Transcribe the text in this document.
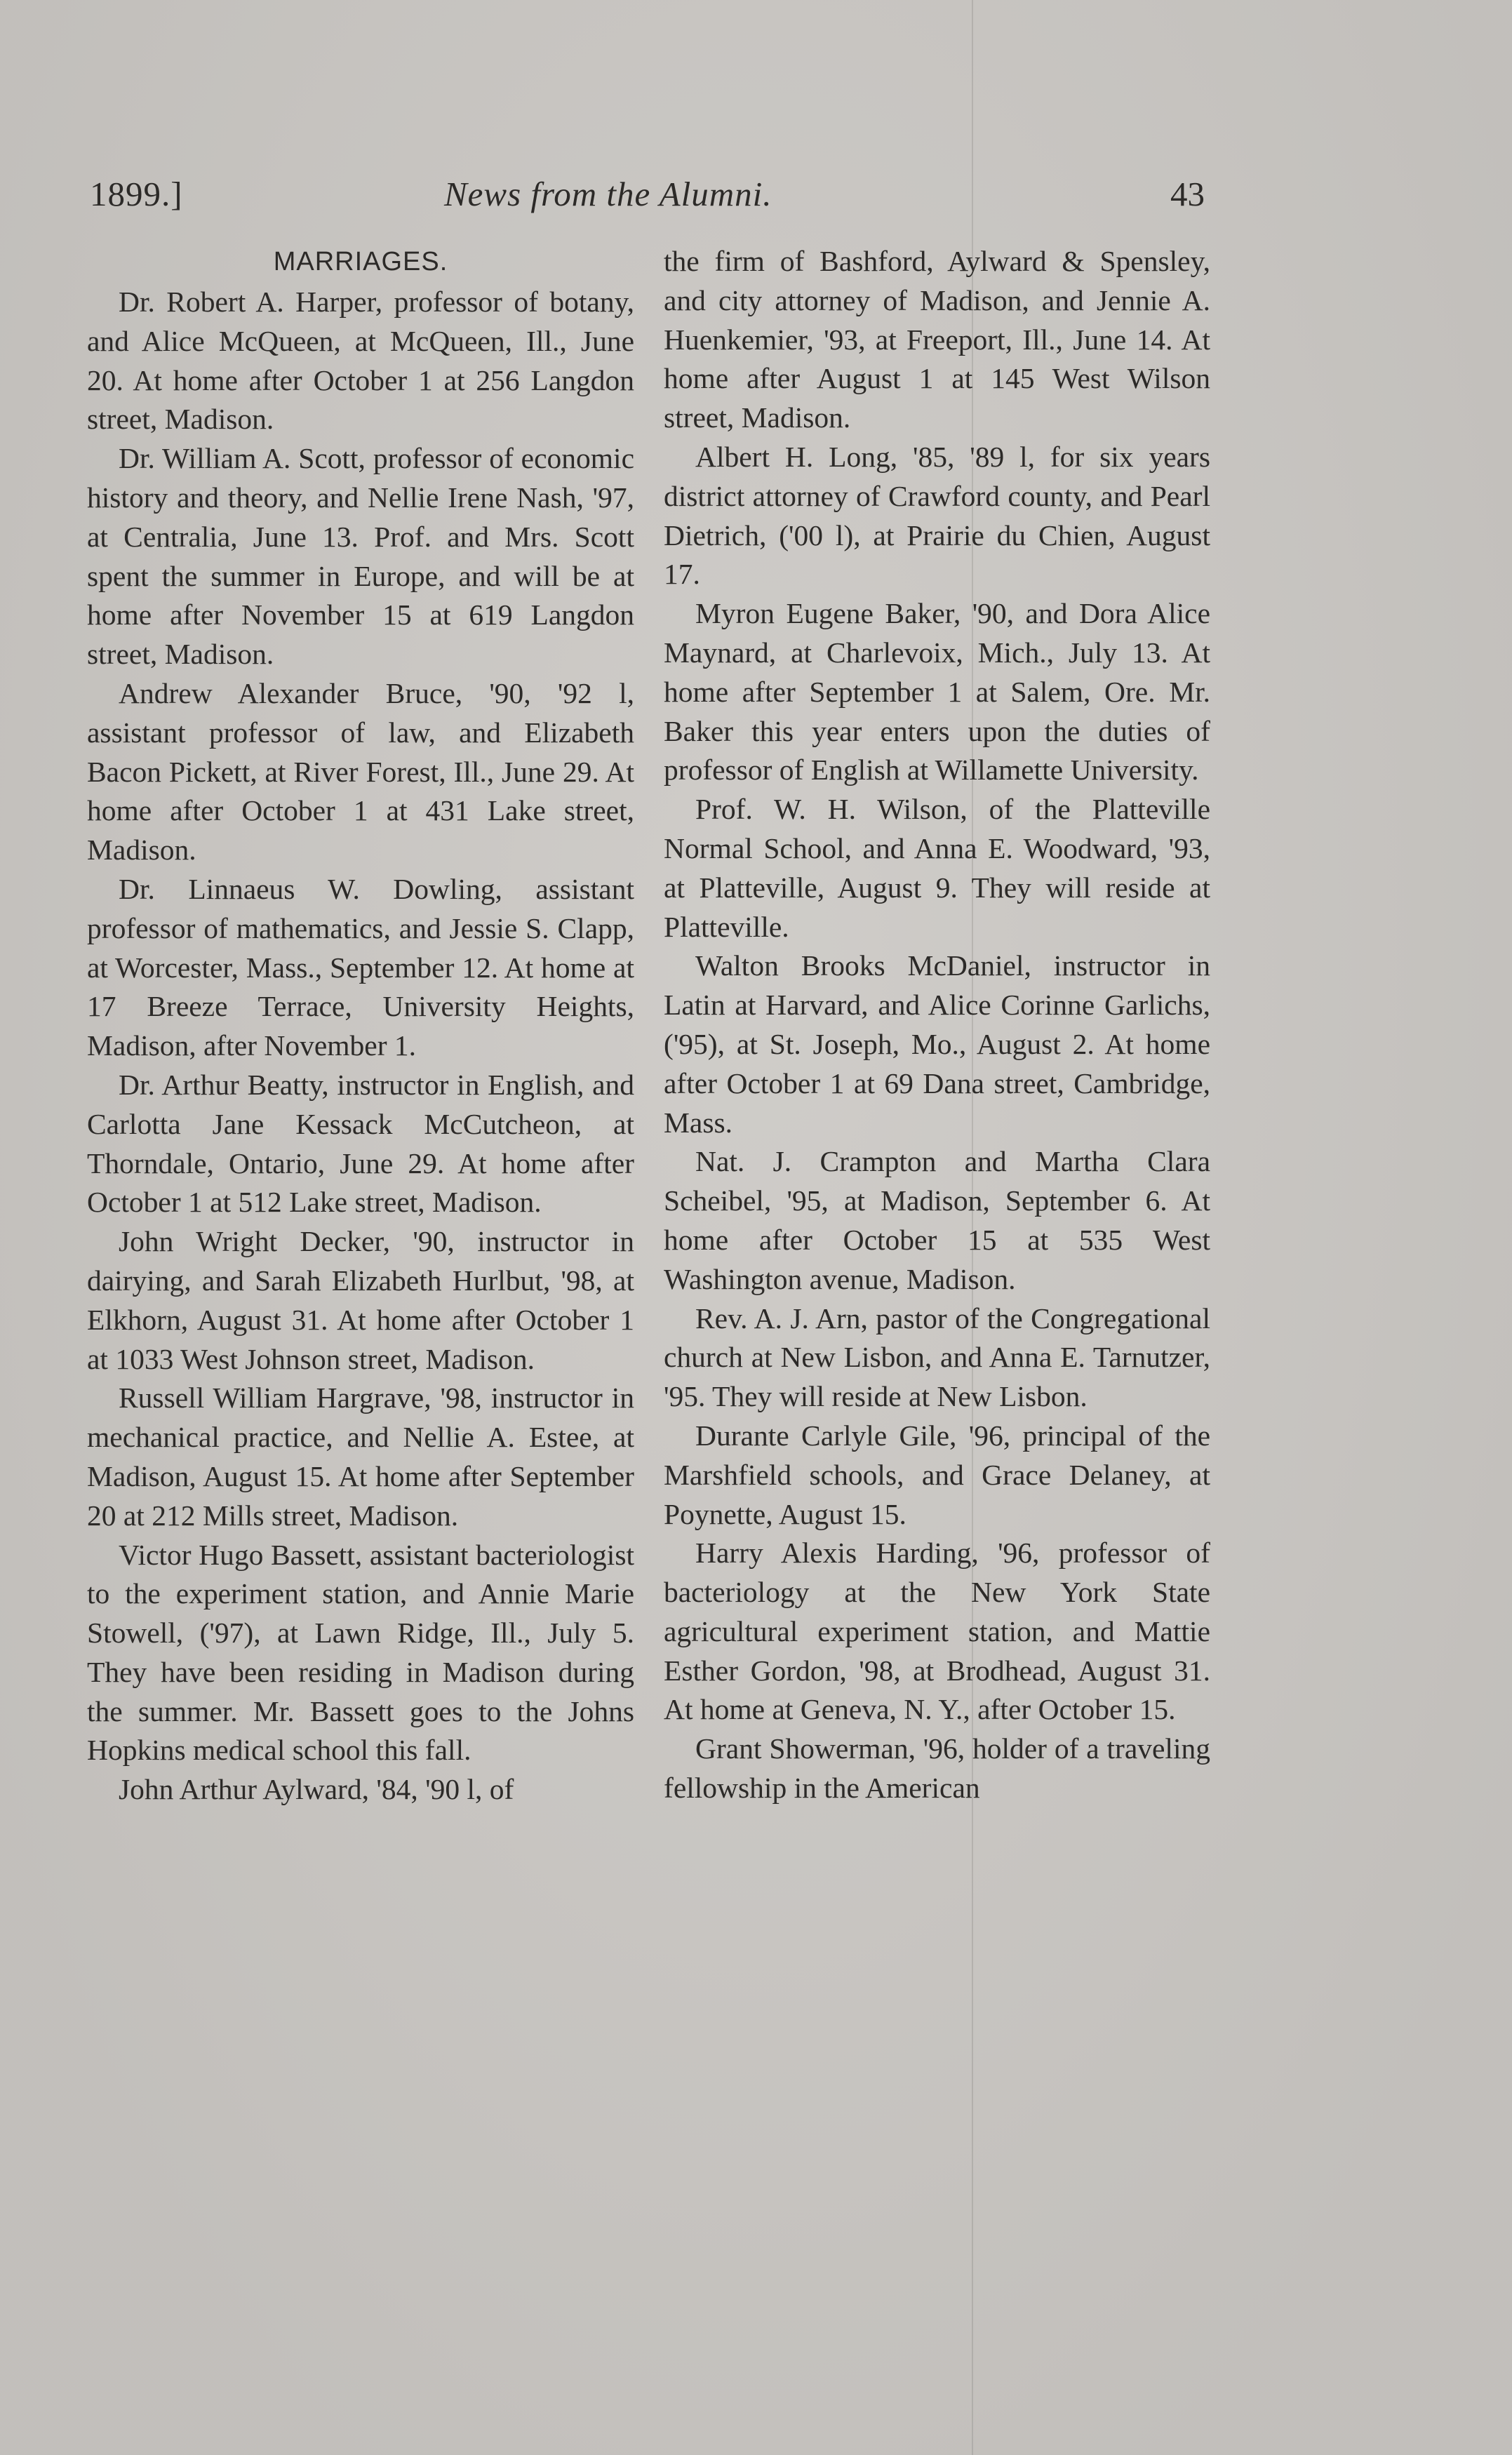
1899.]	News from the Alumni.	43

MARRIAGES.

Dr. Robert A. Harper, professor of botany, and Alice McQueen, at McQueen, Ill., June 20. At home after October 1 at 256 Langdon street, Madison.

Dr. William A. Scott, professor of economic history and theory, and Nellie Irene Nash, '97, at Centralia, June 13. Prof. and Mrs. Scott spent the summer in Europe, and will be at home after November 15 at 619 Langdon street, Madison.

Andrew Alexander Bruce, '90, '92 l, assistant professor of law, and Elizabeth Bacon Pickett, at River Forest, Ill., June 29. At home after October 1 at 431 Lake street, Madison.

Dr. Linnaeus W. Dowling, assistant professor of mathematics, and Jessie S. Clapp, at Worcester, Mass., September 12. At home at 17 Breeze Terrace, University Heights, Madison, after November 1.

Dr. Arthur Beatty, instructor in English, and Carlotta Jane Kessack McCutcheon, at Thorndale, Ontario, June 29. At home after October 1 at 512 Lake street, Madison.

John Wright Decker, '90, instructor in dairying, and Sarah Elizabeth Hurlbut, '98, at Elkhorn, August 31. At home after October 1 at 1033 West Johnson street, Madison.

Russell William Hargrave, '98, instructor in mechanical practice, and Nellie A. Estee, at Madison, August 15. At home after September 20 at 212 Mills street, Madison.

Victor Hugo Bassett, assistant bacteriologist to the experiment station, and Annie Marie Stowell, ('97), at Lawn Ridge, Ill., July 5. They have been residing in Madison during the summer. Mr. Bassett goes to the Johns Hopkins medical school this fall.

John Arthur Aylward, '84, '90 l, of

the firm of Bashford, Aylward & Spensley, and city attorney of Madison, and Jennie A. Huenkemier, '93, at Freeport, Ill., June 14. At home after August 1 at 145 West Wilson street, Madison.

Albert H. Long, '85, '89 l, for six years district attorney of Crawford county, and Pearl Dietrich, ('00 l), at Prairie du Chien, August 17.

Myron Eugene Baker, '90, and Dora Alice Maynard, at Charlevoix, Mich., July 13. At home after September 1 at Salem, Ore. Mr. Baker this year enters upon the duties of professor of English at Willamette University.

Prof. W. H. Wilson, of the Platteville Normal School, and Anna E. Woodward, '93, at Platteville, August 9. They will reside at Platteville.

Walton Brooks McDaniel, instructor in Latin at Harvard, and Alice Corinne Garlichs, ('95), at St. Joseph, Mo., August 2. At home after October 1 at 69 Dana street, Cambridge, Mass.

Nat. J. Crampton and Martha Clara Scheibel, '95, at Madison, September 6. At home after October 15 at 535 West Washington avenue, Madison.

Rev. A. J. Arn, pastor of the Congregational church at New Lisbon, and Anna E. Tarnutzer, '95. They will reside at New Lisbon.

Durante Carlyle Gile, '96, principal of the Marshfield schools, and Grace Delaney, at Poynette, August 15.

Harry Alexis Harding, '96, professor of bacteriology at the New York State agricultural experiment station, and Mattie Esther Gordon, '98, at Brodhead, August 31. At home at Geneva, N. Y., after October 15.

Grant Showerman, '96, holder of a traveling fellowship in the American
